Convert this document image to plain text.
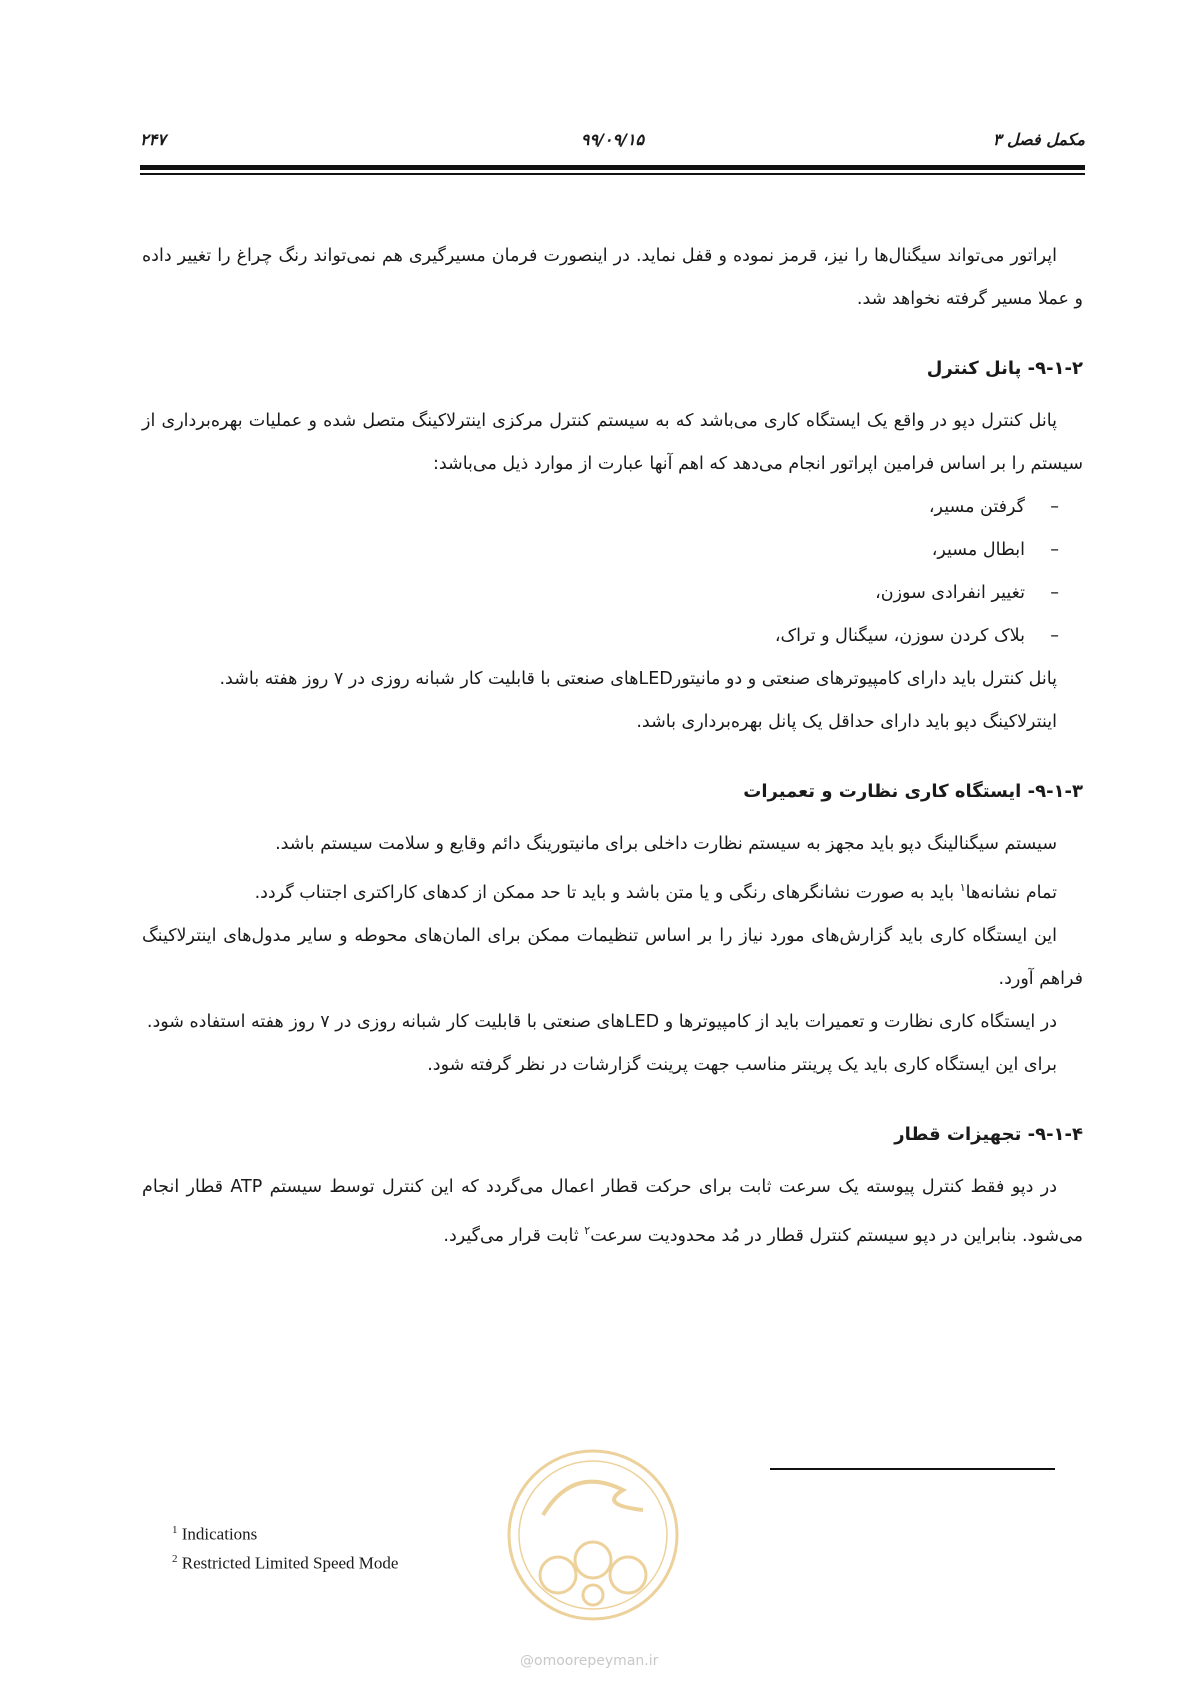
مکمل فصل ۳
۹۹/۰۹/۱۵
۲۴۷

اپراتور می‌تواند سیگنال‌ها را نیز، قرمز نموده و قفل نماید. در اینصورت فرمان مسیرگیری هم نمی‌تواند رنگ چراغ را تغییر داده و عملا مسیر گرفته نخواهد شد.

۹-۱-۲- پانل کنترل

پانل کنترل دپو در واقع یک ایستگاه کاری می‌باشد که به سیستم کنترل مرکزی اینترلاکینگ متصل شده و عملیات بهره‌برداری از سیستم را بر اساس فرامین اپراتور انجام می‌دهد که اهم آنها عبارت از موارد ذیل می‌باشد:

–گرفتن مسیر،
–ابطال مسیر،
–تغییر انفرادی سوزن،
–بلاک کردن سوزن، سیگنال و تراک،

پانل کنترل باید دارای کامپیوترهای صنعتی و دو مانیتورLEDهای صنعتی با قابلیت کار شبانه روزی در ۷ روز هفته باشد.

اینترلاکینگ دپو باید دارای حداقل یک پانل بهره‌برداری باشد.

۹-۱-۳- ایستگاه کاری نظارت و تعمیرات

سیستم سیگنالینگ دپو باید مجهز به سیستم نظارت داخلی برای مانیتورینگ دائم وقایع و سلامت سیستم باشد.

تمام نشانه‌ها$^۱$ باید به صورت نشانگرهای رنگی و یا متن باشد و باید تا حد ممکن از کدهای کاراکتری اجتناب گردد.

این ایستگاه کاری باید گزارش‌های مورد نیاز را بر اساس تنظیمات ممکن برای المان‌های محوطه و سایر مدول‌های اینترلاکینگ فراهم آورد.

در ایستگاه کاری نظارت و تعمیرات باید از کامپیوترها و LEDهای صنعتی با قابلیت کار شبانه روزی در ۷ روز هفته استفاده شود.

برای این ایستگاه کاری باید یک پرینتر مناسب جهت پرینت گزارشات در نظر گرفته شود.

۹-۱-۴- تجهیزات قطار

در دپو فقط کنترل پیوسته یک سرعت ثابت برای حرکت قطار اعمال می‌گردد که این کنترل توسط سیستم ATP قطار انجام می‌شود. بنابراین در دپو سیستم کنترل قطار در مُد محدودیت سرعت$^۲$ ثابت قرار می‌گیرد.

$^1$ Indications
$^2$ Restricted Limited Speed Mode
@omoorepeyman.ir
